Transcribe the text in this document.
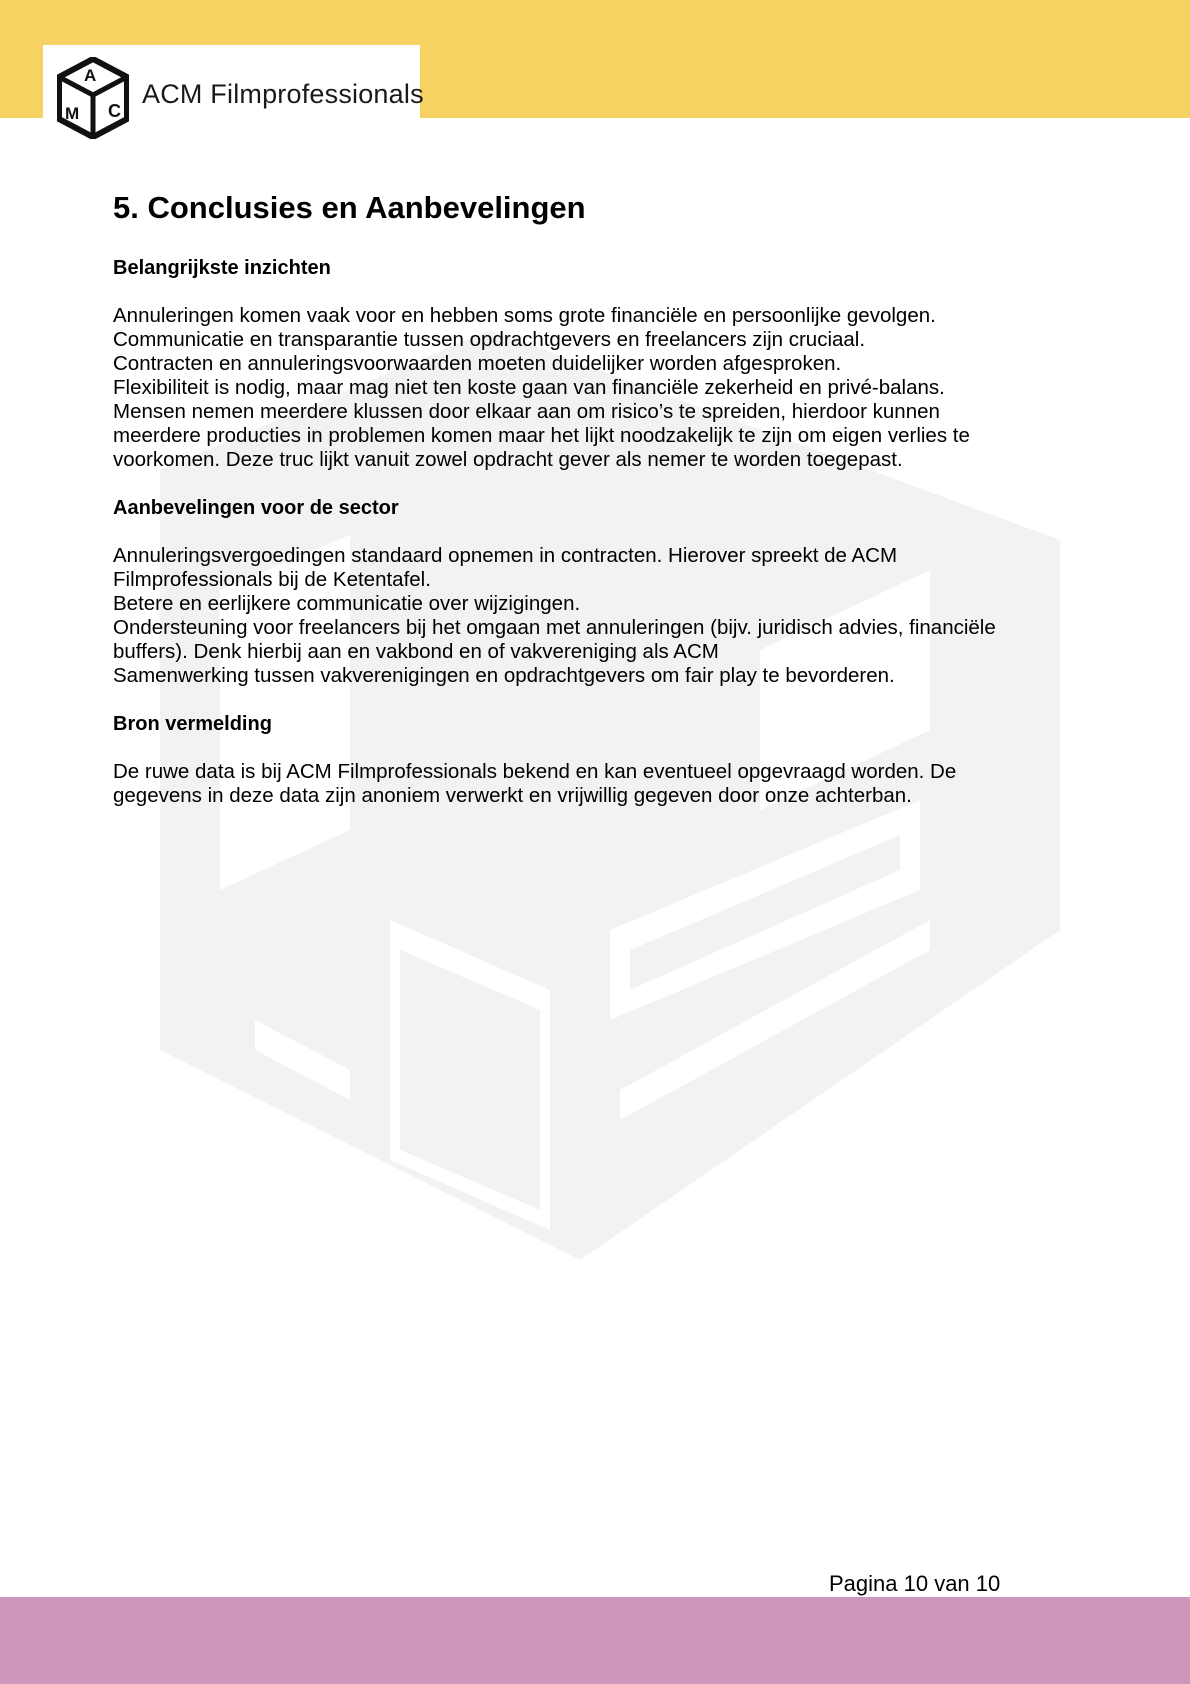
A
C
M
ACM Filmprofessionals
5. Conclusies en Aanbevelingen
Belangrijkste inzichten
Annuleringen komen vaak voor en hebben soms grote financiële en persoonlijke gevolgen.
Communicatie en transparantie tussen opdrachtgevers en freelancers zijn cruciaal.
Contracten en annuleringsvoorwaarden moeten duidelijker worden afgesproken.
Flexibiliteit is nodig, maar mag niet ten koste gaan van financiële zekerheid en privé-balans.
Mensen nemen meerdere klussen door elkaar aan om risico’s te spreiden, hierdoor kunnen
meerdere producties in problemen komen maar het lijkt noodzakelijk te zijn om eigen verlies te
voorkomen. Deze truc lijkt vanuit zowel opdracht gever als nemer te worden toegepast.
Aanbevelingen voor de sector
Annuleringsvergoedingen standaard opnemen in contracten. Hierover spreekt de ACM
Filmprofessionals bij de Ketentafel.
Betere en eerlijkere communicatie over wijzigingen.
Ondersteuning voor freelancers bij het omgaan met annuleringen (bijv. juridisch advies, financiële
buffers). Denk hierbij aan en vakbond en of vakvereniging als ACM
Samenwerking tussen vakverenigingen en opdrachtgevers om fair play te bevorderen.
Bron vermelding
De ruwe data is bij ACM Filmprofessionals bekend en kan eventueel opgevraagd worden. De
gegevens in deze data zijn anoniem verwerkt en vrijwillig gegeven door onze achterban.
Pagina 10 van 10
